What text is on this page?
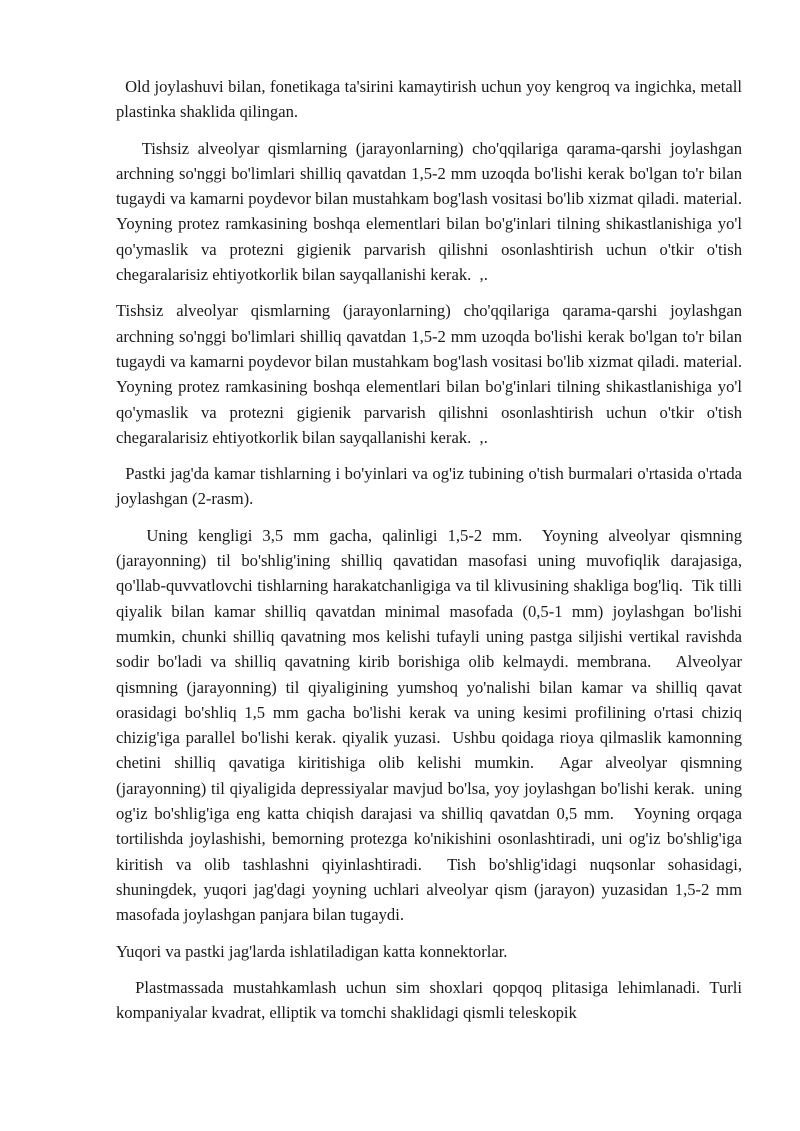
Old joylashuvi bilan, fonetikaga ta'sirini kamaytirish uchun yoy kengroq va ingichka, metall plastinka shaklida qilingan.

Tishsiz alveolyar qismlarning (jarayonlarning) cho'qqilariga qarama-qarshi joylashgan archning so'nggi bo'limlari shilliq qavatdan 1,5-2 mm uzoqda bo'lishi kerak bo'lgan to'r bilan tugaydi va kamarni poydevor bilan mustahkam bog'lash vositasi bo'lib xizmat qiladi. material.   Yoyning protez ramkasining boshqa elementlari bilan bo'g'inlari tilning shikastlanishiga yo'l qo'ymaslik va protezni gigienik parvarish qilishni osonlashtirish uchun o'tkir o'tish chegaralarisiz ehtiyotkorlik bilan sayqallanishi kerak.  ,.

Tishsiz alveolyar qismlarning (jarayonlarning) cho'qqilariga qarama-qarshi joylashgan archning so'nggi bo'limlari shilliq qavatdan 1,5-2 mm uzoqda bo'lishi kerak bo'lgan to'r bilan tugaydi va kamarni poydevor bilan mustahkam bog'lash vositasi bo'lib xizmat qiladi. material.   Yoyning protez ramkasining boshqa elementlari bilan bo'g'inlari tilning shikastlanishiga yo'l qo'ymaslik va protezni gigienik parvarish qilishni osonlashtirish uchun o'tkir o'tish chegaralarisiz ehtiyotkorlik bilan sayqallanishi kerak.  ,.

Pastki jag'da kamar tishlarning i bo'yinlari va og'iz tubining o'tish burmalari o'rtasida o'rtada joylashgan (2-rasm).

Uning kengligi 3,5 mm gacha, qalinligi 1,5-2 mm.  Yoyning alveolyar qismning (jarayonning) til bo'shlig'ining shilliq qavatidan masofasi uning muvofiqlik darajasiga, qo'llab-quvvatlovchi tishlarning harakatchanligiga va til klivusining shakliga bog'liq.  Tik tilli qiyalik bilan kamar shilliq qavatdan minimal masofada (0,5-1 mm) joylashgan bo'lishi mumkin, chunki shilliq qavatning mos kelishi tufayli uning pastga siljishi vertikal ravishda sodir bo'ladi va shilliq qavatning kirib borishiga olib kelmaydi. membrana.   Alveolyar qismning (jarayonning) til qiyaligining yumshoq yo'nalishi bilan kamar va shilliq qavat orasidagi bo'shliq 1,5 mm gacha bo'lishi kerak va uning kesimi profilining o'rtasi chiziq chizig'iga parallel bo'lishi kerak. qiyalik yuzasi.  Ushbu qoidaga rioya qilmaslik kamonning chetini shilliq qavatiga kiritishiga olib kelishi mumkin.  Agar alveolyar qismning (jarayonning) til qiyaligida depressiyalar mavjud bo'lsa, yoy joylashgan bo'lishi kerak.  uning og'iz bo'shlig'iga eng katta chiqish darajasi va shilliq qavatdan 0,5 mm.   Yoyning orqaga tortilishda joylashishi, bemorning protezga ko'nikishini osonlashtiradi, uni og'iz bo'shlig'iga kiritish va olib tashlashni qiyinlashtiradi.  Tish bo'shlig'idagi nuqsonlar sohasidagi, shuningdek, yuqori jag'dagi yoyning uchlari alveolyar qism (jarayon) yuzasidan 1,5-2 mm masofada joylashgan panjara bilan tugaydi.

Yuqori va pastki jag'larda ishlatiladigan katta konnektorlar.

Plastmassada mustahkamlash uchun sim shoxlari qopqoq plitasiga lehimlanadi. Turli kompaniyalar kvadrat, elliptik va tomchi shaklidagi qismli teleskopik
